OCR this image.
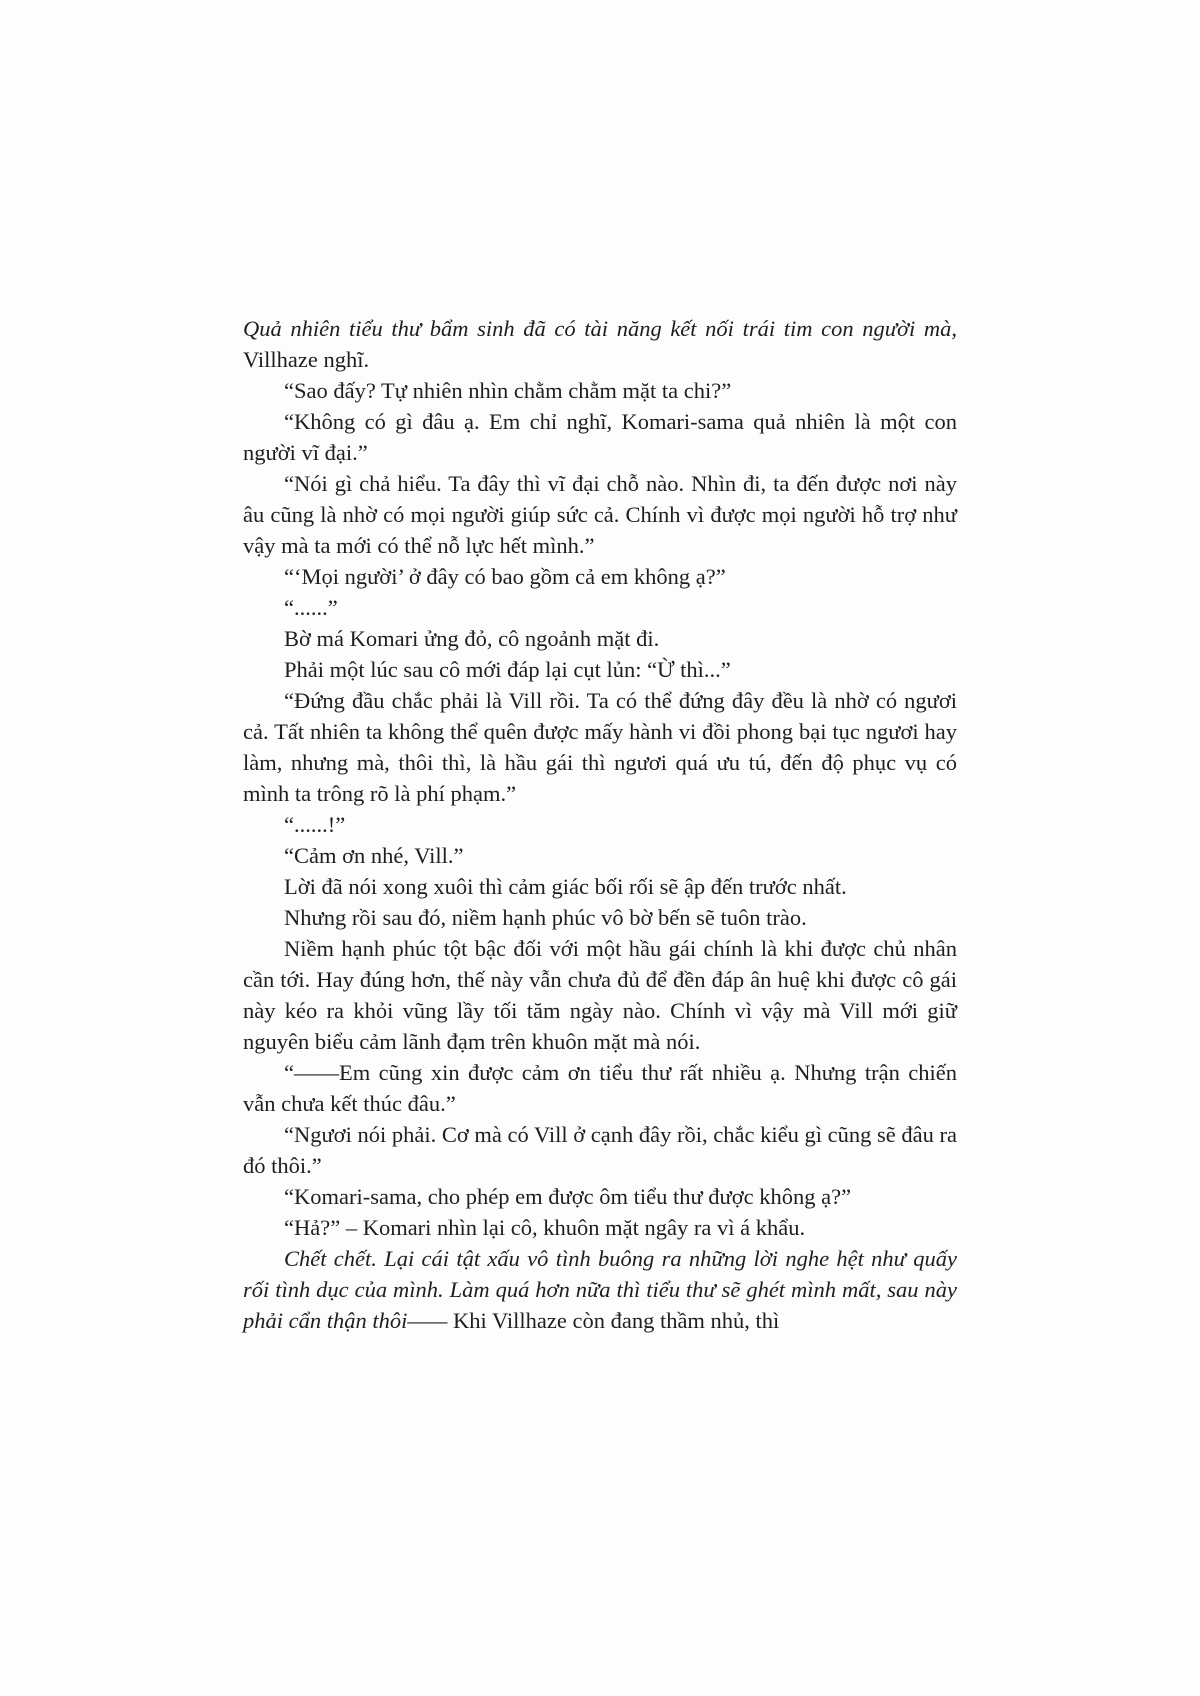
Quả nhiên tiểu thư bẩm sinh đã có tài năng kết nối trái tim con người mà, Villhaze nghĩ.

“Sao đấy? Tự nhiên nhìn chằm chằm mặt ta chi?”

“Không có gì đâu ạ. Em chỉ nghĩ, Komari-sama quả nhiên là một con người vĩ đại.”

“Nói gì chả hiểu. Ta đây thì vĩ đại chỗ nào. Nhìn đi, ta đến được nơi này âu cũng là nhờ có mọi người giúp sức cả. Chính vì được mọi người hỗ trợ như vậy mà ta mới có thể nỗ lực hết mình.”

“‘Mọi người’ ở đây có bao gồm cả em không ạ?”

“......”

Bờ má Komari ửng đỏ, cô ngoảnh mặt đi.

Phải một lúc sau cô mới đáp lại cụt lủn: “Ừ thì...”

“Đứng đầu chắc phải là Vill rồi. Ta có thể đứng đây đều là nhờ có ngươi cả. Tất nhiên ta không thể quên được mấy hành vi đồi phong bại tục ngươi hay làm, nhưng mà, thôi thì, là hầu gái thì ngươi quá ưu tú, đến độ phục vụ có mình ta trông rõ là phí phạm.”

“......!”

“Cảm ơn nhé, Vill.”

Lời đã nói xong xuôi thì cảm giác bối rối sẽ ập đến trước nhất.

Nhưng rồi sau đó, niềm hạnh phúc vô bờ bến sẽ tuôn trào.

Niềm hạnh phúc tột bậc đối với một hầu gái chính là khi được chủ nhân cần tới. Hay đúng hơn, thế này vẫn chưa đủ để đền đáp ân huệ khi được cô gái này kéo ra khỏi vũng lầy tối tăm ngày nào. Chính vì vậy mà Vill mới giữ nguyên biểu cảm lãnh đạm trên khuôn mặt mà nói.

“——Em cũng xin được cảm ơn tiểu thư rất nhiều ạ. Nhưng trận chiến vẫn chưa kết thúc đâu.”

“Ngươi nói phải. Cơ mà có Vill ở cạnh đây rồi, chắc kiểu gì cũng sẽ đâu ra đó thôi.”

“Komari-sama, cho phép em được ôm tiểu thư được không ạ?”

“Hả?” – Komari nhìn lại cô, khuôn mặt ngây ra vì á khẩu.

Chết chết. Lại cái tật xấu vô tình buông ra những lời nghe hệt như quấy rối tình dục của mình. Làm quá hơn nữa thì tiểu thư sẽ ghét mình mất, sau này phải cẩn thận thôi—— Khi Villhaze còn đang thầm nhủ, thì
